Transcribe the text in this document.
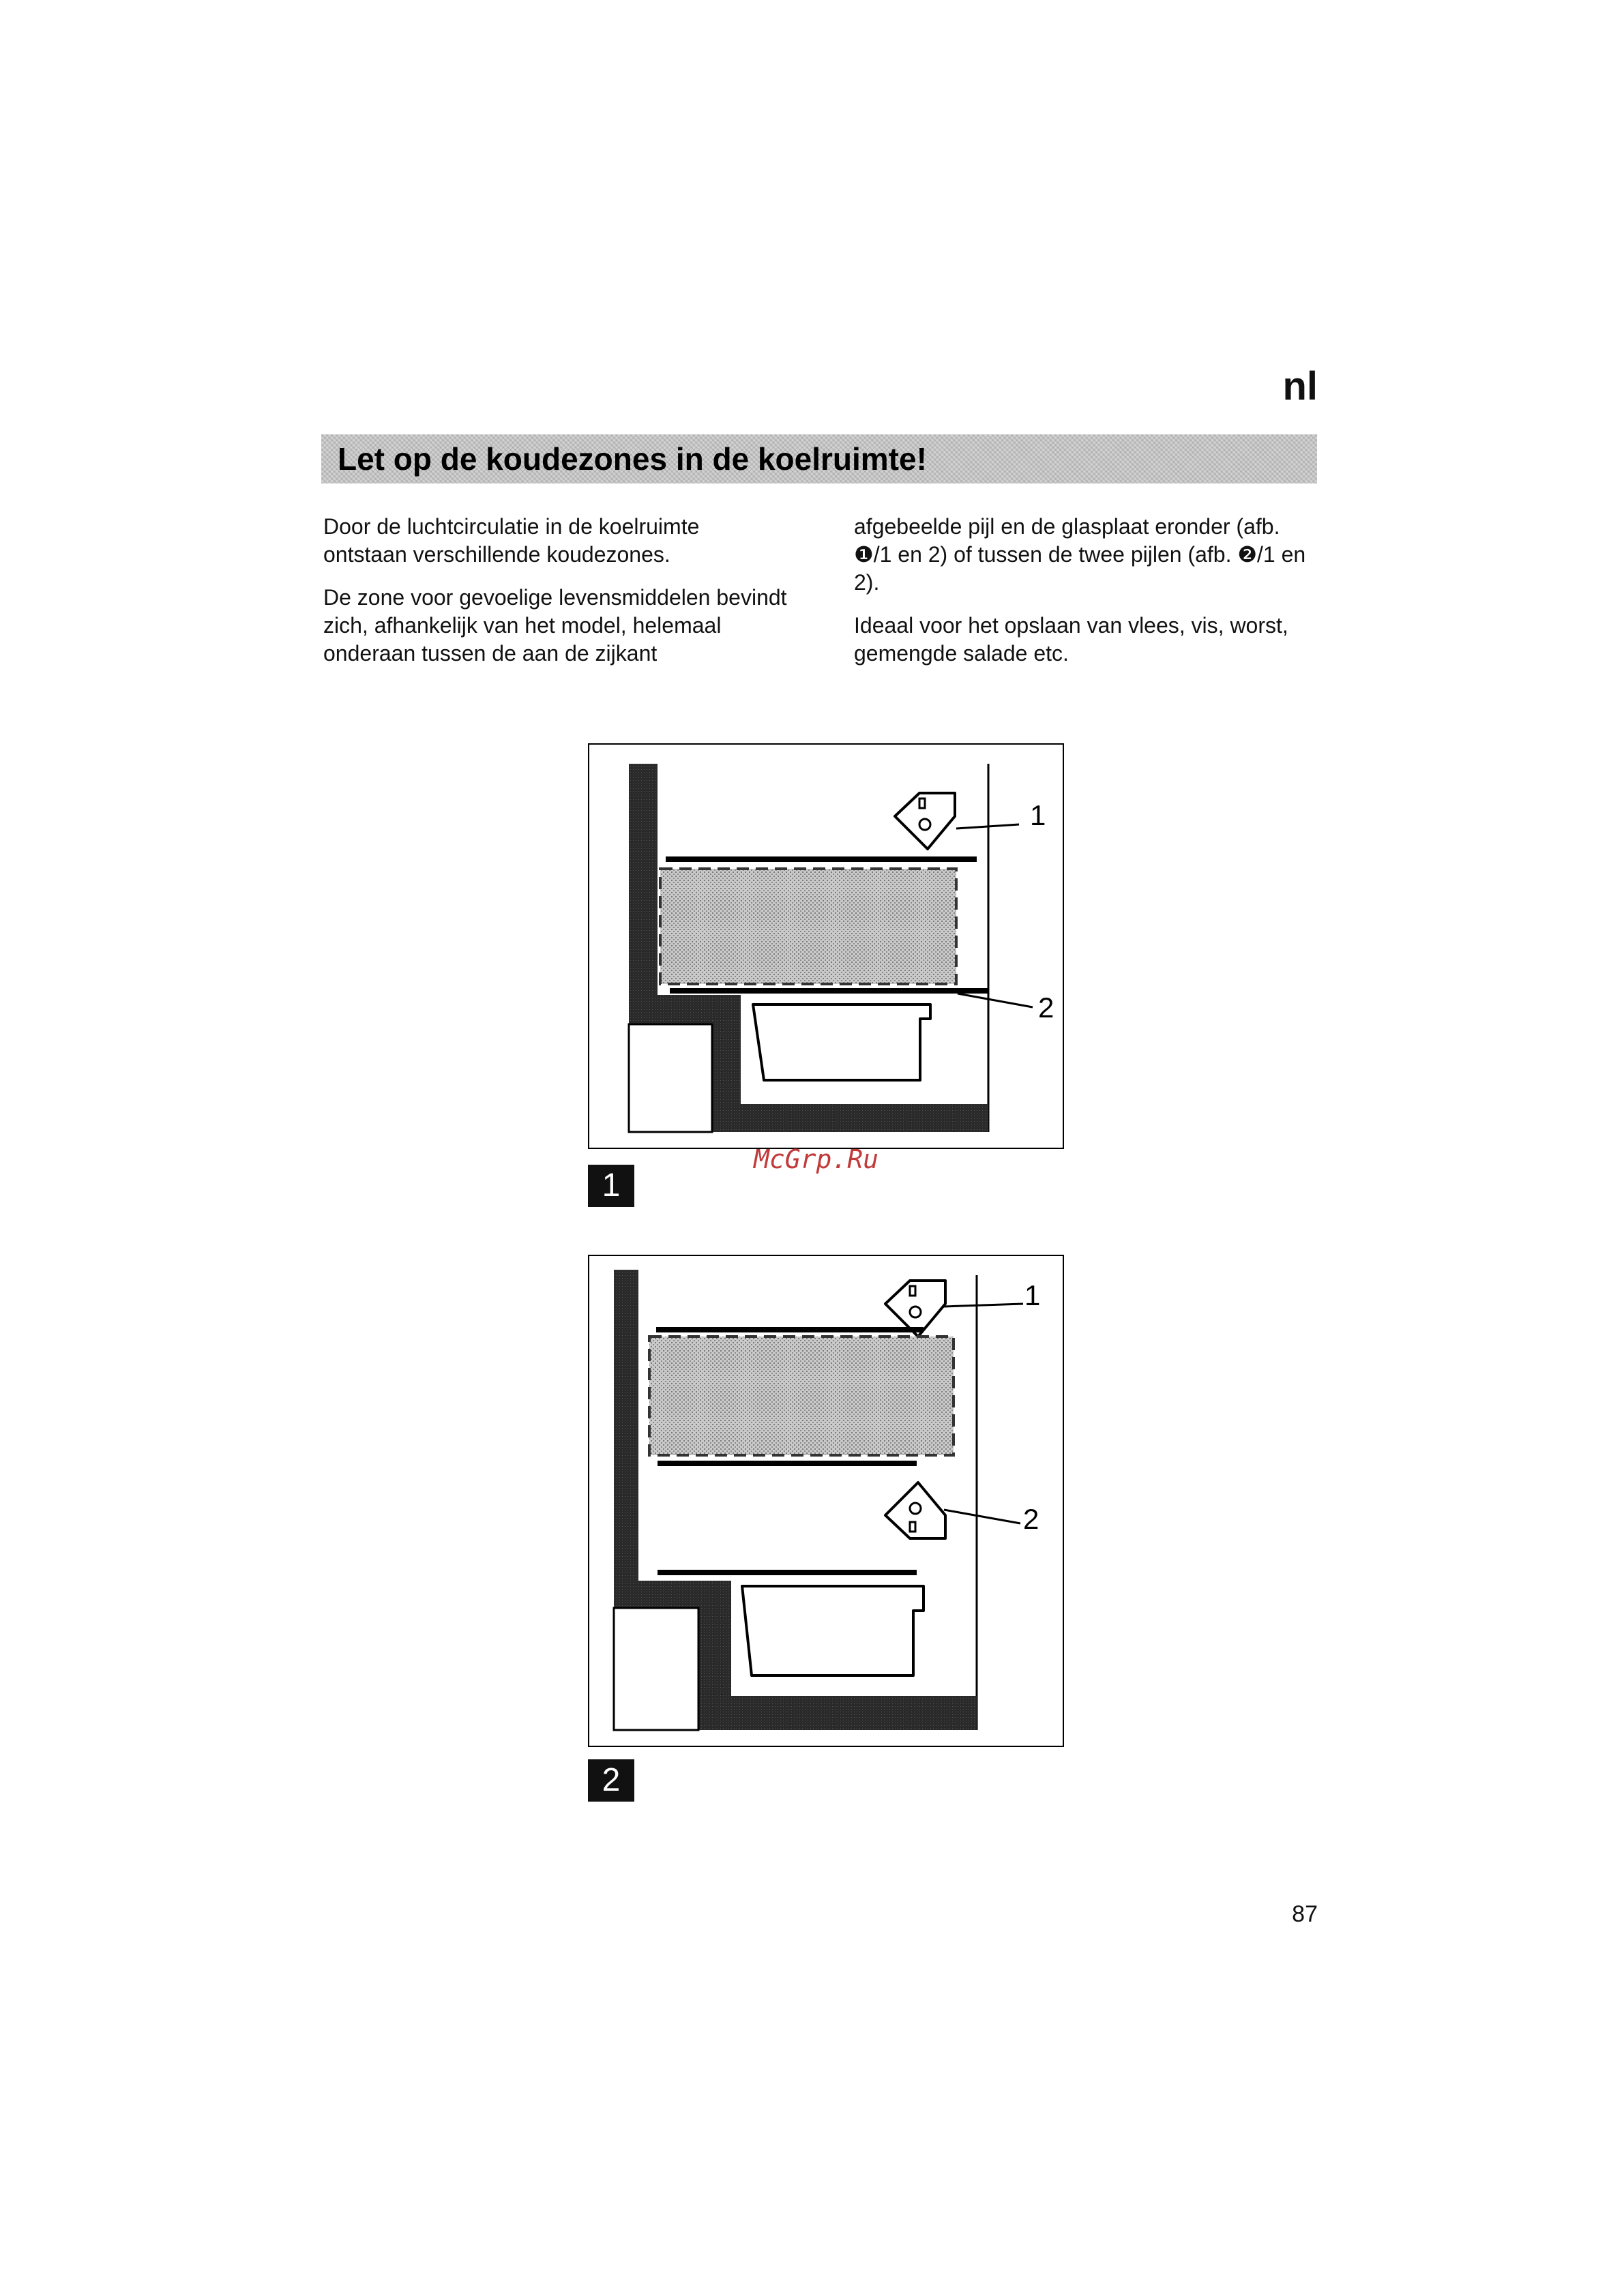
nl
Let op de koudezones in de koelruimte!

Door de luchtcirculatie in de koelruimte ontstaan verschillende koudezones.

De zone voor gevoelige levensmiddelen bevindt zich, afhankelijk van het model, helemaal onderaan tussen de aan de zijkant

afgebeelde pijl en de glasplaat eronder (afb. ❶/1 en 2) of tussen de twee pijlen (afb. ❷/1 en 2).

Ideaal voor het opslaan van vlees, vis, worst, gemengde salade etc.

1
2
1
McGrp.Ru
1
2
2
87
